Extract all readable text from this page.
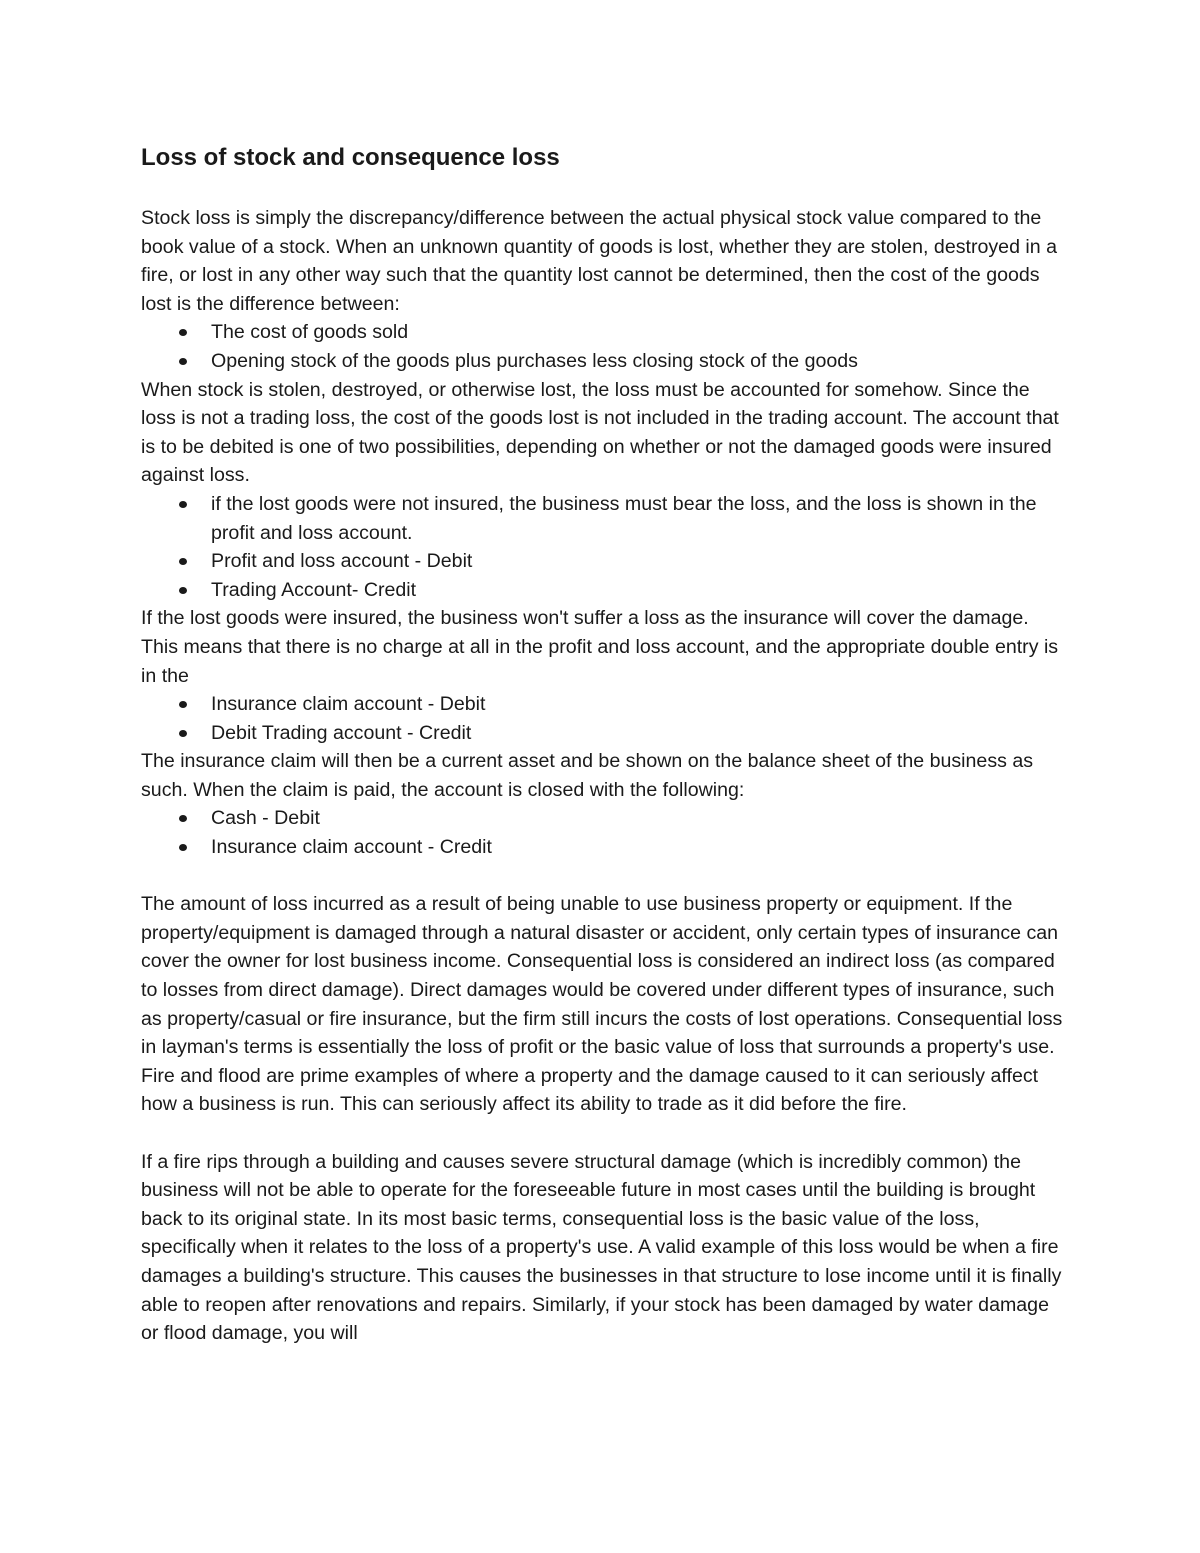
Loss of stock and consequence loss

Stock loss is simply the discrepancy/difference between the actual physical stock value compared to the book value of a stock. When an unknown quantity of goods is lost, whether they are stolen, destroyed in a fire, or lost in any other way such that the quantity lost cannot be determined, then the cost of the goods lost is the difference between:

The cost of goods sold
Opening stock of the goods plus purchases less closing stock of the goods

When stock is stolen, destroyed, or otherwise lost, the loss must be accounted for somehow. Since the loss is not a trading loss, the cost of the goods lost is not included in the trading account. The account that is to be debited is one of two possibilities, depending on whether or not the damaged goods were insured against loss.

if the lost goods were not insured, the business must bear the loss, and the loss is shown in the profit and loss account.
Profit and loss account - Debit
Trading Account- Credit

If the lost goods were insured, the business won't suffer a loss as the insurance will cover the damage. This means that there is no charge at all in the profit and loss account, and the appropriate double entry is in the

Insurance claim account - Debit
Debit Trading account - Credit

The insurance claim will then be a current asset and be shown on the balance sheet of the business as such. When the claim is paid, the account is closed with the following:

Cash - Debit
Insurance claim account - Credit

The amount of loss incurred as a result of being unable to use business property or equipment. If the property/equipment is damaged through a natural disaster or accident, only certain types of insurance can cover the owner for lost business income. Consequential loss is considered an indirect loss (as compared to losses from direct damage). Direct damages would be covered under different types of insurance, such as property/casual or fire insurance, but the firm still incurs the costs of lost operations. Consequential loss in layman's terms is essentially the loss of profit or the basic value of loss that surrounds a property's use. Fire and flood are prime examples of where a property and the damage caused to it can seriously affect how a business is run. This can seriously affect its ability to trade as it did before the fire.

If a fire rips through a building and causes severe structural damage (which is incredibly common) the business will not be able to operate for the foreseeable future in most cases until the building is brought back to its original state. In its most basic terms, consequential loss is the basic value of the loss, specifically when it relates to the loss of a property's use. A valid example of this loss would be when a fire damages a building's structure. This causes the businesses in that structure to lose income until it is finally able to reopen after renovations and repairs. Similarly, if your stock has been damaged by water damage or flood damage, you will
